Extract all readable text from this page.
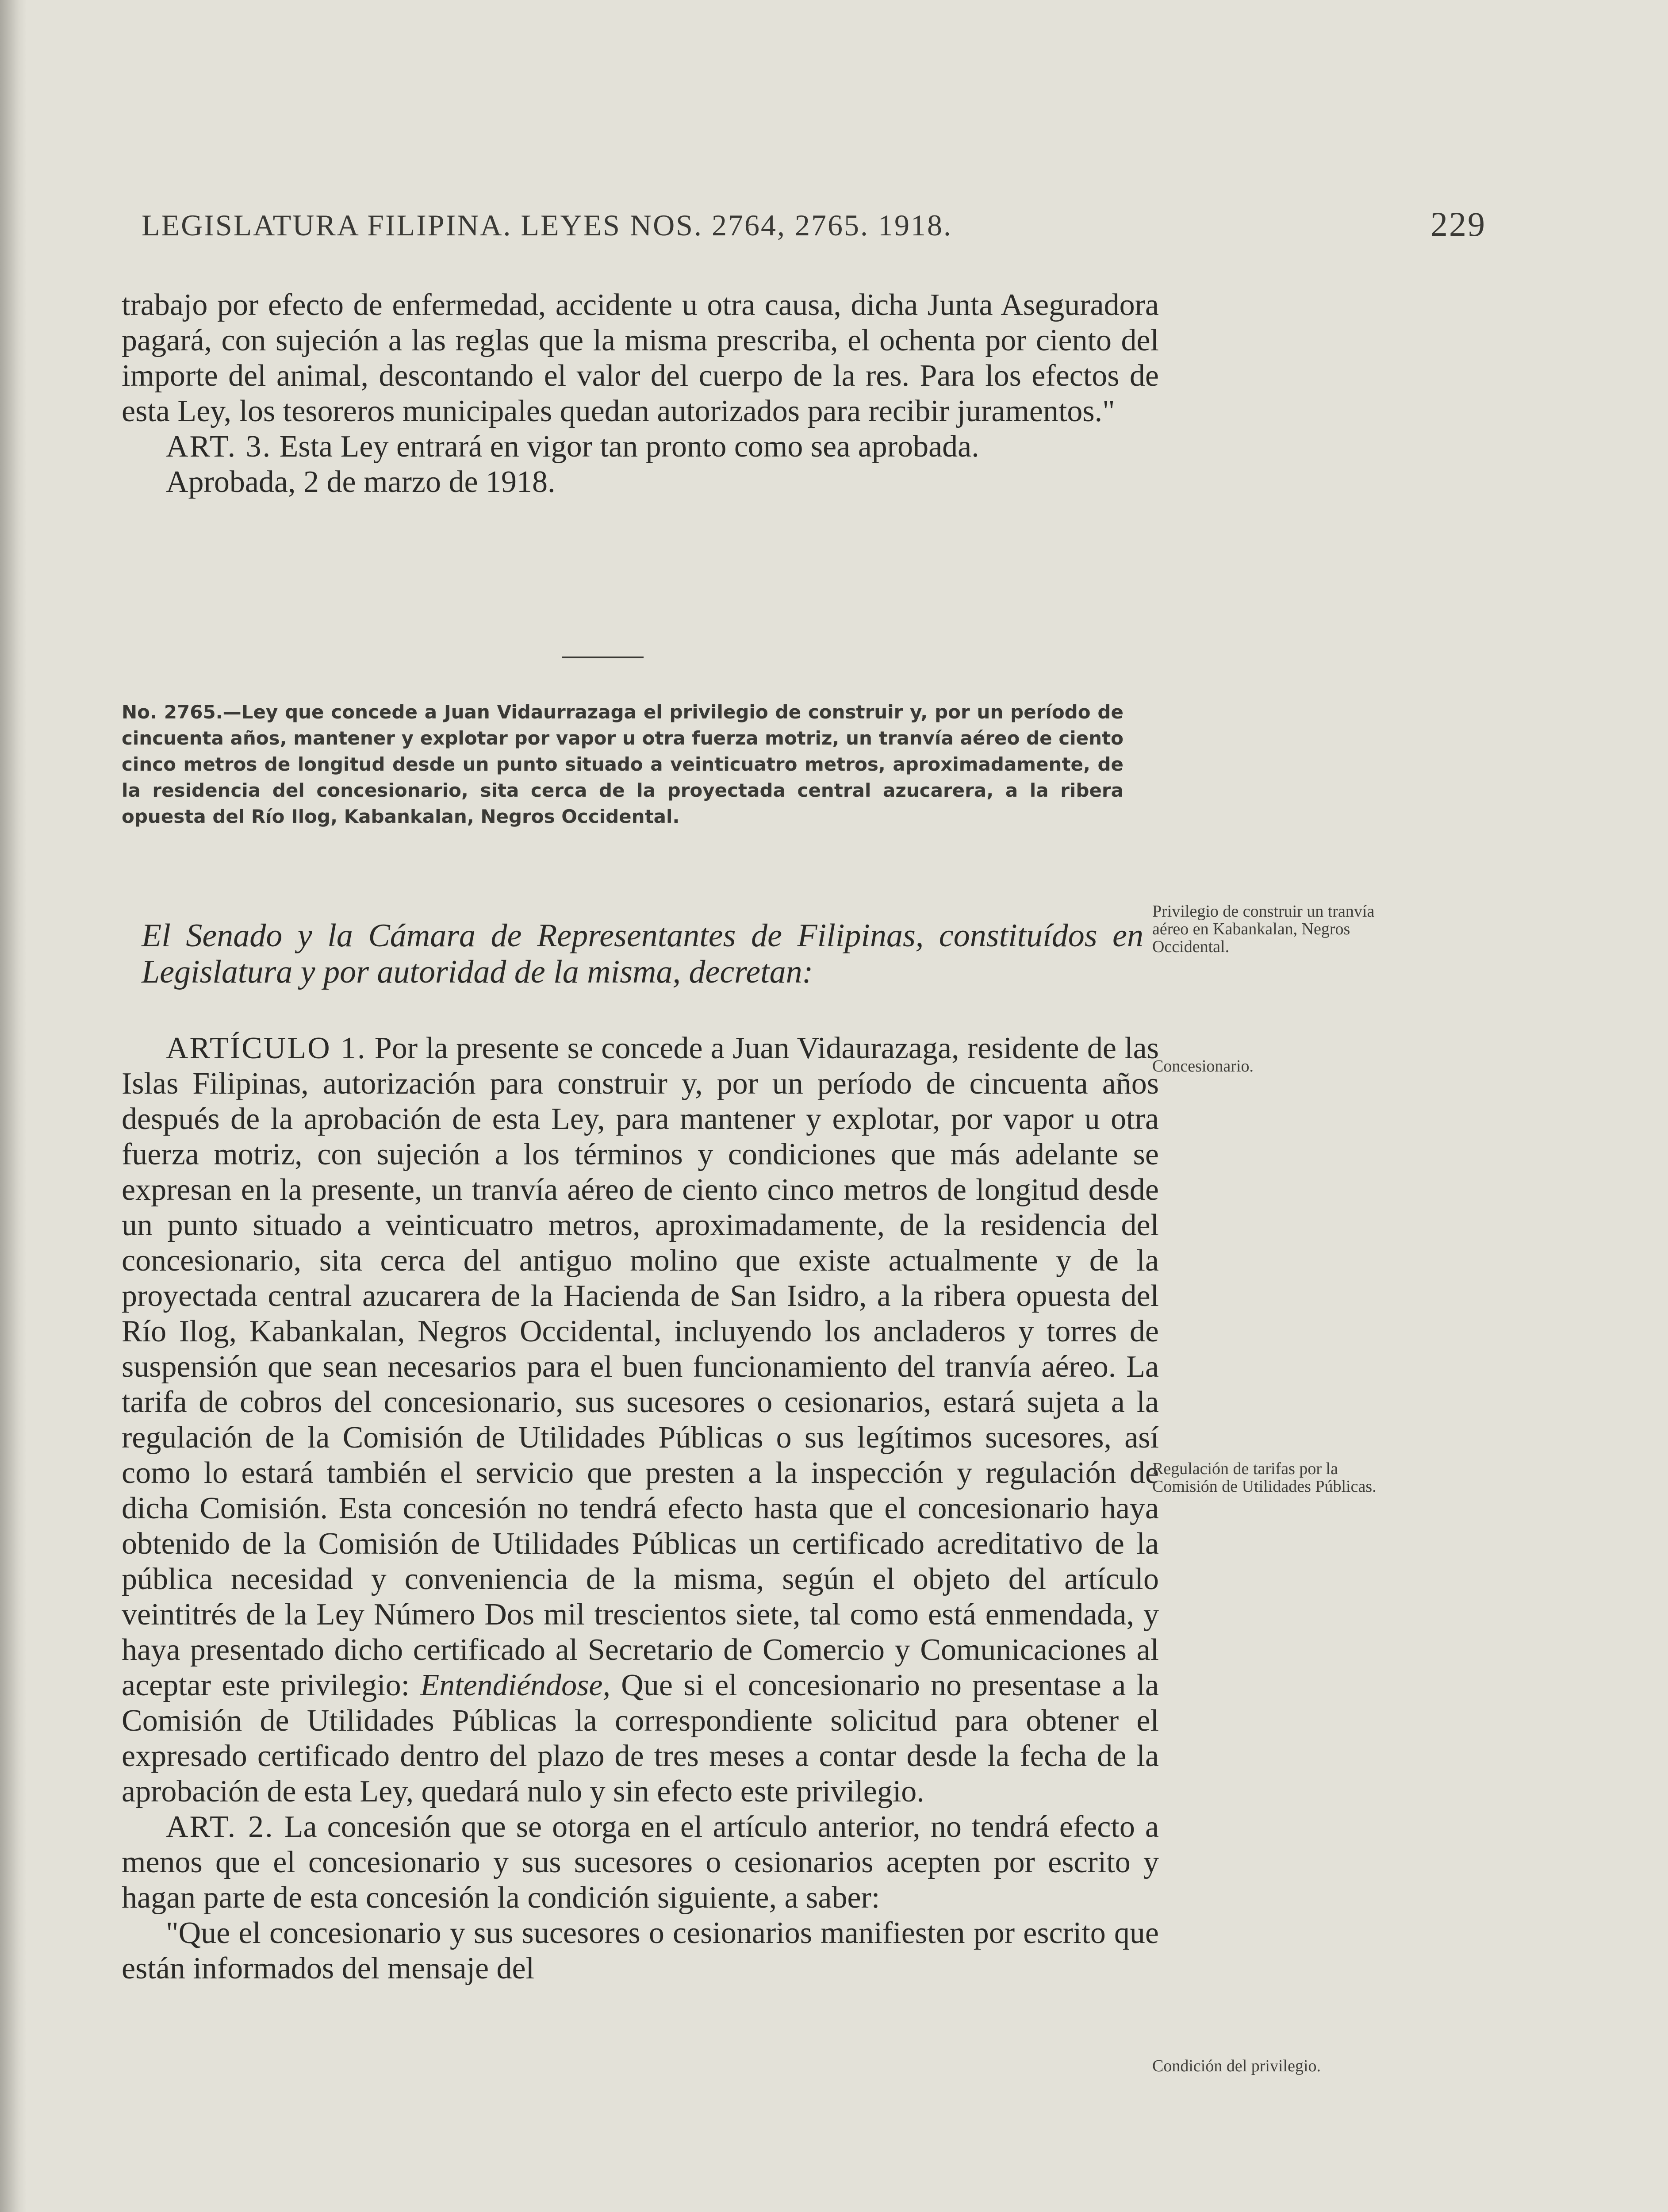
LEGISLATURA FILIPINA. LEYES NOS. 2764, 2765. 1918.	229

trabajo por efecto de enfermedad, accidente u otra causa, dicha Junta Aseguradora pagará, con sujeción a las reglas que la misma prescriba, el ochenta por ciento del importe del animal, descontando el valor del cuerpo de la res. Para los efectos de esta Ley, los tesoreros municipales quedan autorizados para recibir juramentos."

ART. 3. Esta Ley entrará en vigor tan pronto como sea aprobada.

Aprobada, 2 de marzo de 1918.

No. 2765.—Ley que concede a Juan Vidaurrazaga el privilegio de construir y, por un período de cincuenta años, mantener y explotar por vapor u otra fuerza motriz, un tranvía aéreo de ciento cinco metros de longitud desde un punto situado a veinticuatro metros, aproximadamente, de la residencia del concesionario, sita cerca de la proyectada central azucarera, a la ribera opuesta del Río Ilog, Kabankalan, Negros Occidental.
El Senado y la Cámara de Representantes de Filipinas, constituídos en Legislatura y por autoridad de la misma, decretan:

ARTÍCULO 1. Por la presente se concede a Juan Vidaurazaga, residente de las Islas Filipinas, autorización para construir y, por un período de cincuenta años después de la aprobación de esta Ley, para mantener y explotar, por vapor u otra fuerza motriz, con sujeción a los términos y condiciones que más adelante se expresan en la presente, un tranvía aéreo de ciento cinco metros de longitud desde un punto situado a veinticuatro metros, aproximadamente, de la residencia del concesionario, sita cerca del antiguo molino que existe actualmente y de la proyectada central azucarera de la Hacienda de San Isidro, a la ribera opuesta del Río Ilog, Kabankalan, Negros Occidental, incluyendo los ancladeros y torres de suspensión que sean necesarios para el buen funcionamiento del tranvía aéreo. La tarifa de cobros del concesionario, sus sucesores o cesionarios, estará sujeta a la regulación de la Comisión de Utilidades Públicas o sus legítimos sucesores, así como lo estará también el servicio que presten a la inspección y regulación de dicha Comisión. Esta concesión no tendrá efecto hasta que el concesionario haya obtenido de la Comisión de Utilidades Públicas un certificado acreditativo de la pública necesidad y conveniencia de la misma, según el objeto del artículo veintitrés de la Ley Número Dos mil trescientos siete, tal como está enmendada, y haya presentado dicho certificado al Secretario de Comercio y Comunicaciones al aceptar este privilegio: Entendiéndose, Que si el concesionario no presentase a la Comisión de Utilidades Públicas la correspondiente solicitud para obtener el expresado certificado dentro del plazo de tres meses a contar desde la fecha de la aprobación de esta Ley, quedará nulo y sin efecto este privilegio.

ART. 2. La concesión que se otorga en el artículo anterior, no tendrá efecto a menos que el concesionario y sus sucesores o cesionarios acepten por escrito y hagan parte de esta concesión la condición siguiente, a saber:

"Que el concesionario y sus sucesores o cesionarios manifiesten por escrito que están informados del mensaje del

Privilegio de construir un tranvía aéreo en Kabankalan, Negros Occidental.
Concesionario.
Regulación de tarifas por la Comisión de Utilidades Públicas.
Condición del privilegio.
